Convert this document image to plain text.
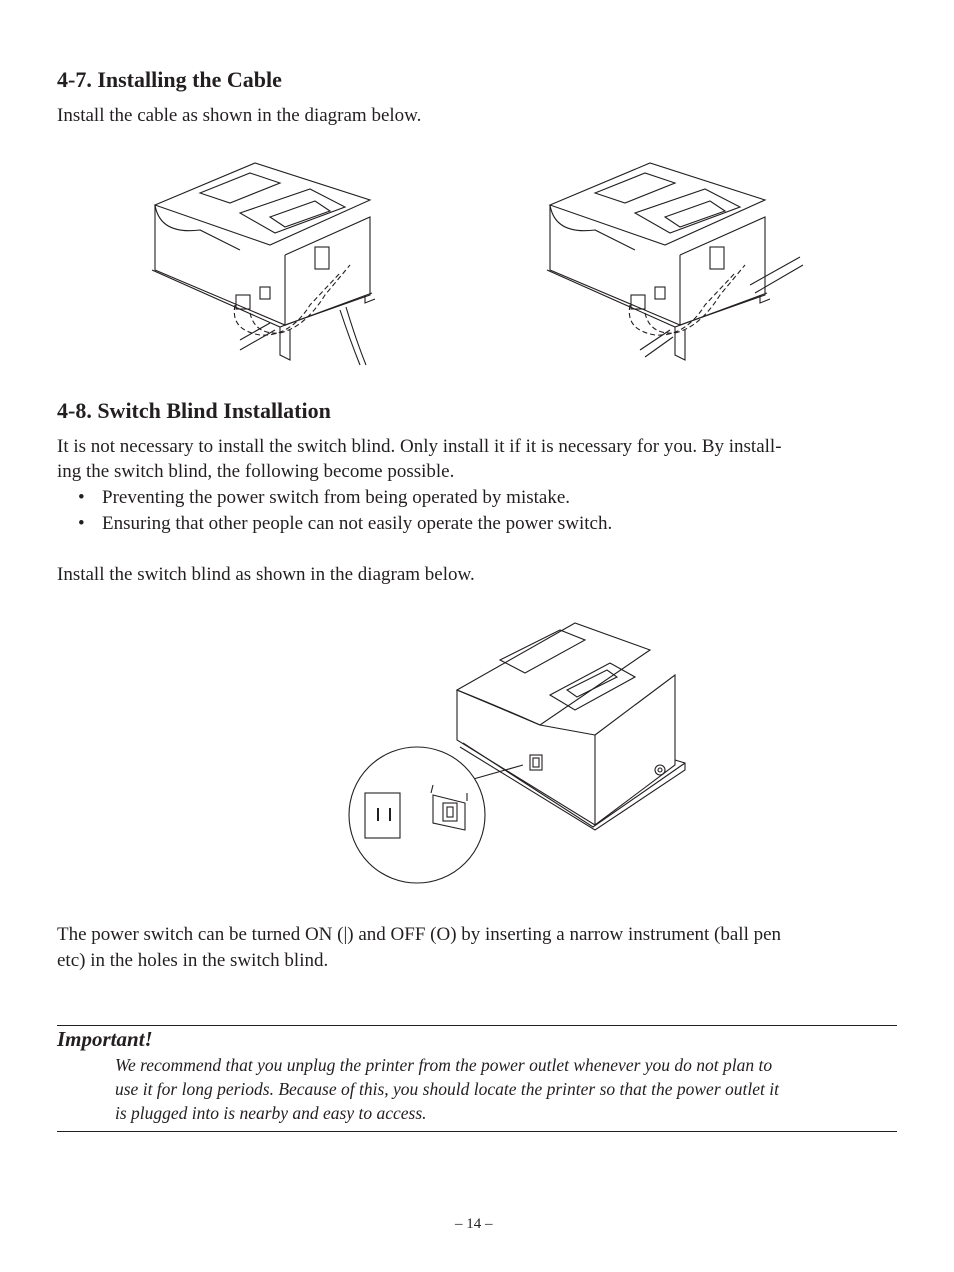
4-7. Installing the Cable
Install the cable as shown in the diagram below.
4-8. Switch Blind Installation
It is not necessary to install the switch blind. Only install it if it is necessary for you. By install-
ing the switch blind, the following become possible.
• Preventing the power switch from being operated by mistake.
• Ensuring that other people can not easily operate the power switch.
Install the switch blind as shown in the diagram below.
The power switch can be turned ON (|) and OFF (O) by inserting a narrow instrument (ball pen
etc) in the holes in the switch blind.
Important!
We recommend that you unplug the printer from the power outlet whenever you do not plan to
use it for long periods. Because of this, you should locate the printer so that the power outlet it
is plugged into is nearby and easy to access.
– 14 –
